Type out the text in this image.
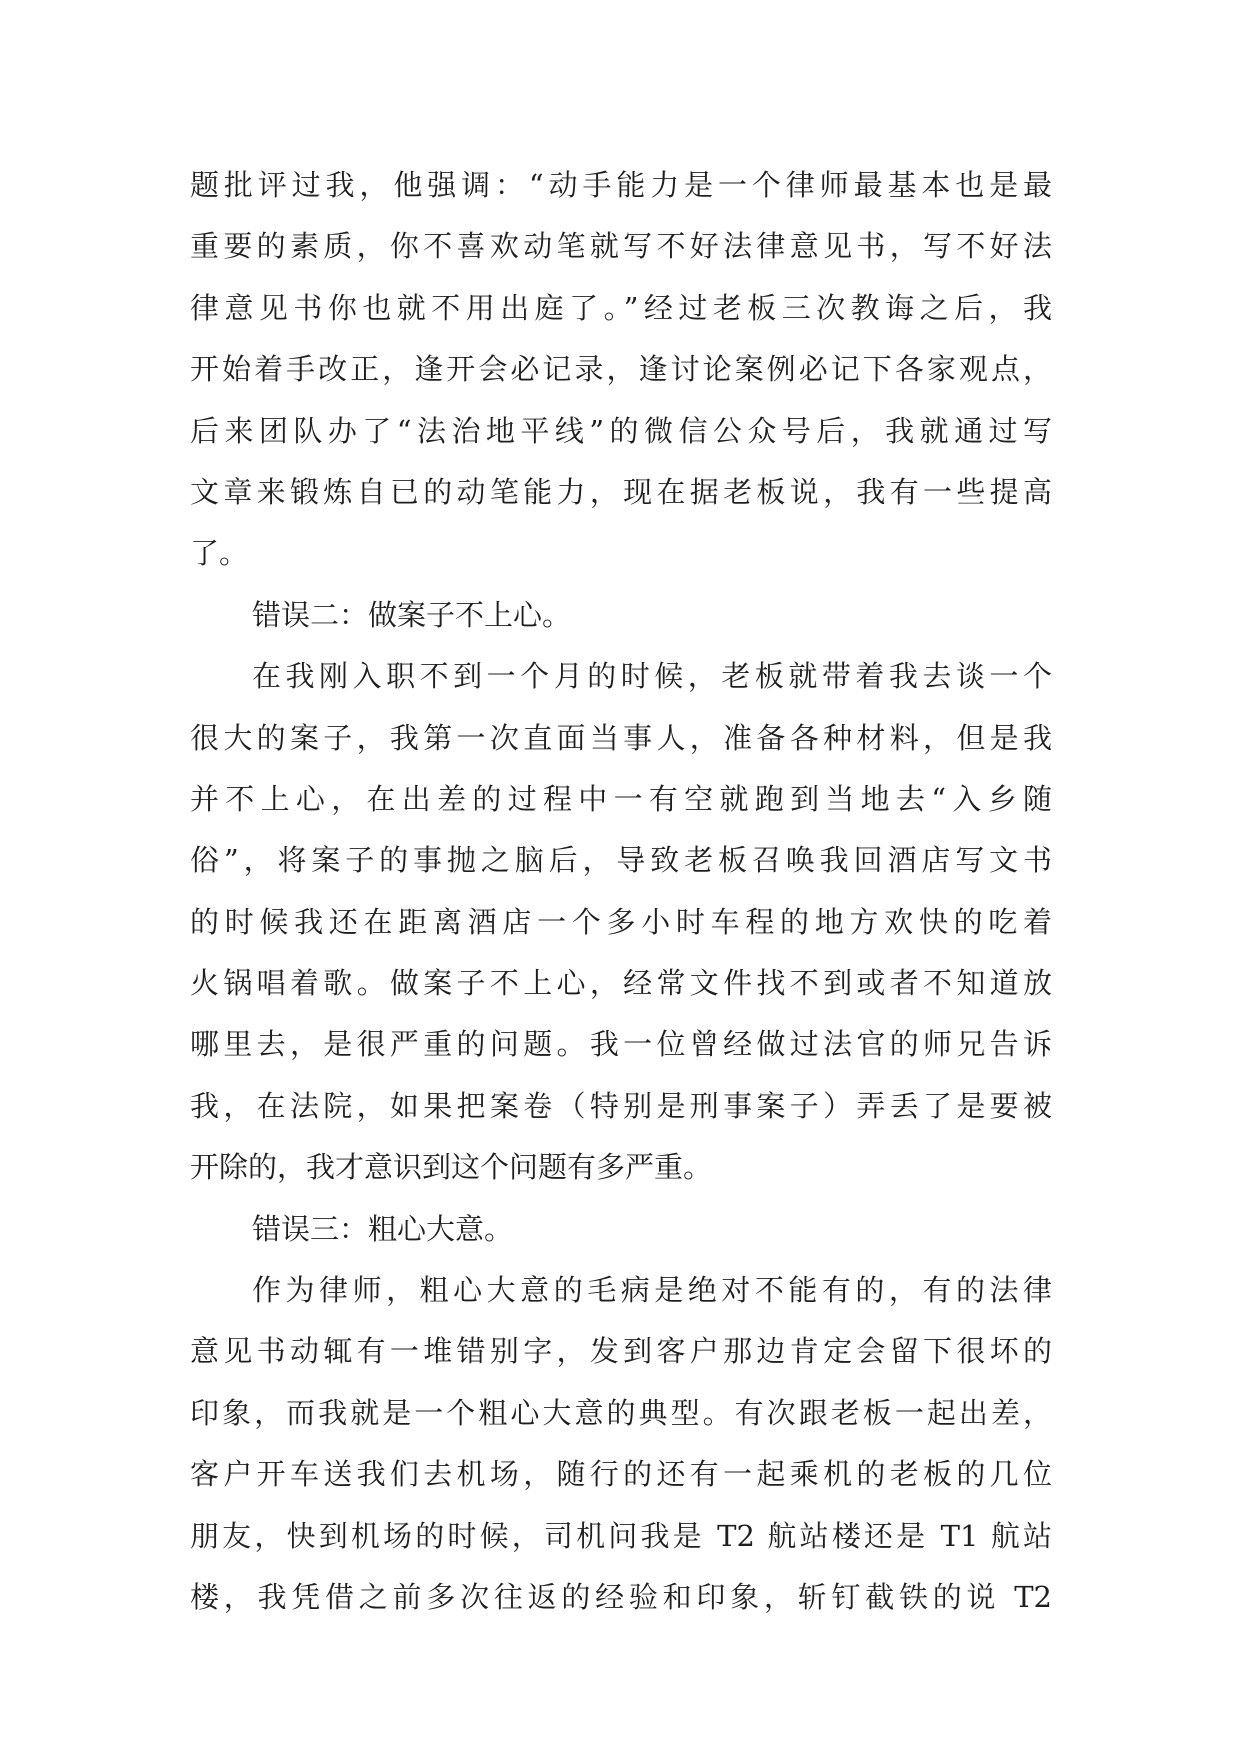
题批评过我，他强调：“动手能力是一个律师最基本也是最
重要的素质，你不喜欢动笔就写不好法律意见书，写不好法
律意见书你也就不用出庭了。”经过老板三次教诲之后，我
开始着手改正，逢开会必记录，逢讨论案例必记下各家观点，
后来团队办了“法治地平线”的微信公众号后，我就通过写
文章来锻炼自已的动笔能力，现在据老板说，我有一些提高
了。
错误二：做案子不上心。
在我刚入职不到一个月的时候，老板就带着我去谈一个
很大的案子，我第一次直面当事人，准备各种材料，但是我
并不上心，在出差的过程中一有空就跑到当地去“入乡随
俗”，将案子的事抛之脑后，导致老板召唤我回酒店写文书
的时候我还在距离酒店一个多小时车程的地方欢快的吃着
火锅唱着歌。做案子不上心，经常文件找不到或者不知道放
哪里去，是很严重的问题。我一位曾经做过法官的师兄告诉
我，在法院，如果把案卷（特别是刑事案子）弄丢了是要被
开除的，我才意识到这个问题有多严重。
错误三：粗心大意。
作为律师，粗心大意的毛病是绝对不能有的，有的法律
意见书动辄有一堆错别字，发到客户那边肯定会留下很坏的
印象，而我就是一个粗心大意的典型。有次跟老板一起出差，
客户开车送我们去机场，随行的还有一起乘机的老板的几位
朋友，快到机场的时候，司机问我是 T2 航站楼还是 T1 航站
楼，我凭借之前多次往返的经验和印象，斩钉截铁的说 T2
